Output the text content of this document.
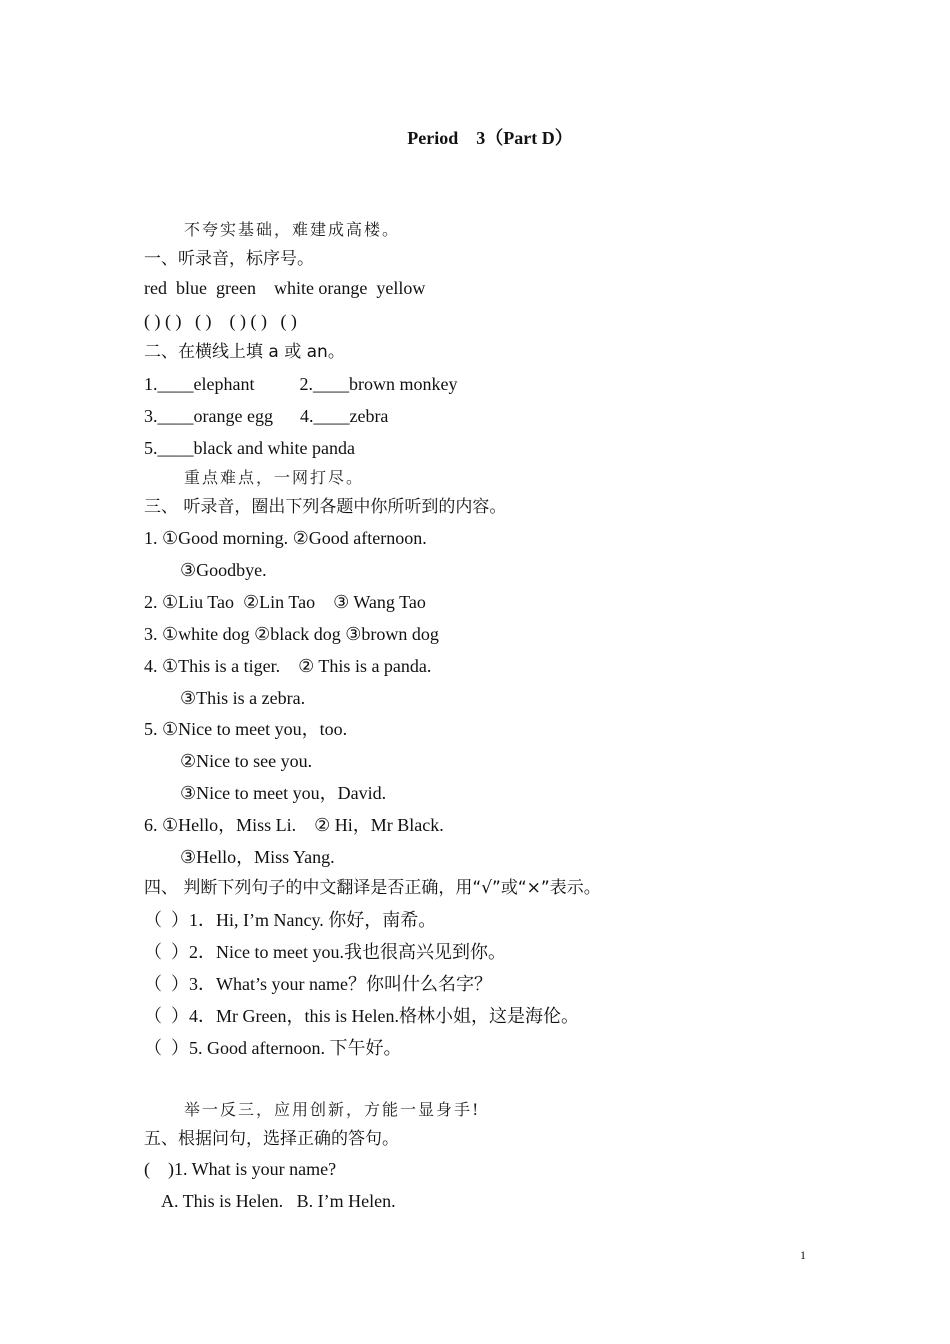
Period    3（Part D）
不夸实基础，难建成高楼。
一、听录音，标序号。
red  blue  green    white orange  yellow
( ) ( )   ( )    ( ) ( )   ( )
二、在横线上填 a 或 an。
1.____elephant          2.____brown monkey
3.____orange egg      4.____zebra
5.____black and white panda
重点难点，一网打尽。
三、 听录音，圈出下列各题中你所听到的内容。
1. ①Good morning. ②Good afternoon.
③Goodbye.
2. ①Liu Tao  ②Lin Tao    ③ Wang Tao
3. ①white dog ②black dog ③brown dog
4. ①This is a tiger.    ② This is a panda.
③This is a zebra.
5. ①Nice to meet you，too.
②Nice to see you.
③Nice to meet you，David.
6. ①Hello，Miss Li.    ② Hi，Mr Black.
③Hello，Miss Yang.
四、 判断下列句子的中文翻译是否正确，用“√”或“×”表示。
（  ）1．Hi, I’m Nancy. 你好，南希。
（  ）2．Nice to meet you.我也很高兴见到你。
（  ）3．What’s your name？你叫什么名字？
（  ）4．Mr Green，this is Helen.格林小姐，这是海伦。
（  ）5. Good afternoon. 下午好。
举一反三，应用创新，方能一显身手!
五、根据问句，选择正确的答句。
(    )1. What is your name?
A. This is Helen.   B. I’m Helen.
1
